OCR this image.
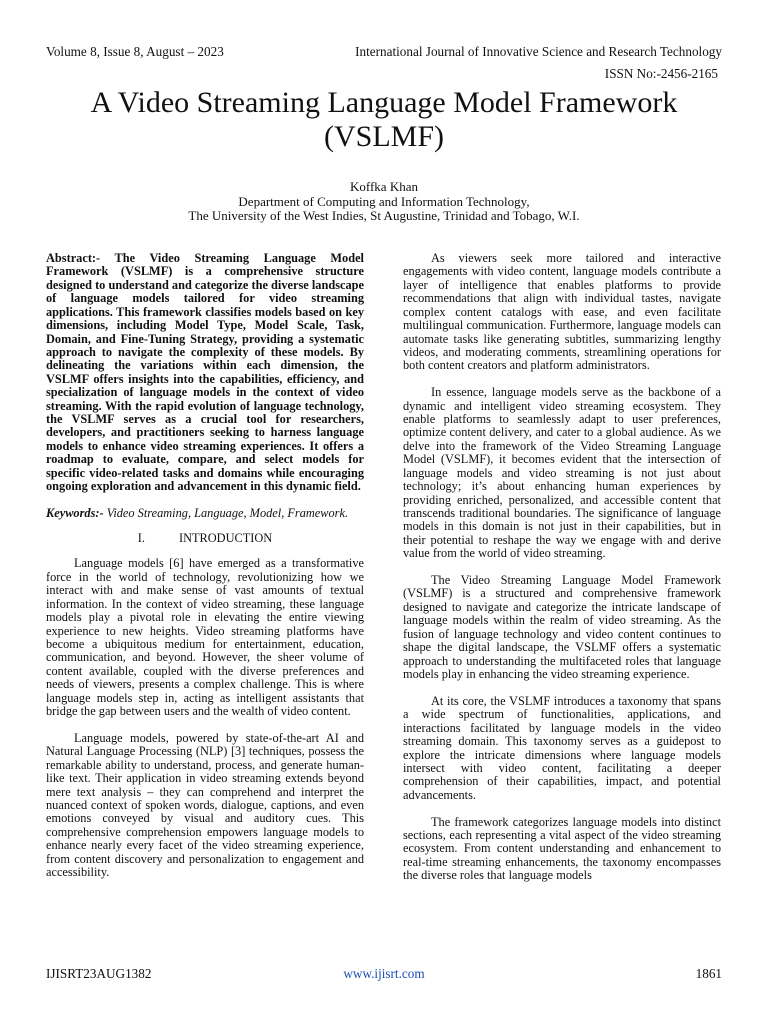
Volume 8, Issue 8, August – 2023	International Journal of Innovative Science and Research Technology
ISSN No:-2456-2165
A Video Streaming Language Model Framework (VSLMF)
Koffka Khan
Department of Computing and Information Technology,
The University of the West Indies, St Augustine, Trinidad and Tobago, W.I.

Abstract:- The Video Streaming Language Model Framework (VSLMF) is a comprehensive structure designed to understand and categorize the diverse landscape of language models tailored for video streaming applications. This framework classifies models based on key dimensions, including Model Type, Model Scale, Task, Domain, and Fine-Tuning Strategy, providing a systematic approach to navigate the complexity of these models. By delineating the variations within each dimension, the VSLMF offers insights into the capabilities, efficiency, and specialization of language models in the context of video streaming. With the rapid evolution of language technology, the VSLMF serves as a crucial tool for researchers, developers, and practitioners seeking to harness language models to enhance video streaming experiences. It offers a roadmap to evaluate, compare, and select models for specific video-related tasks and domains while encouraging ongoing exploration and advancement in this dynamic field.

Keywords:- Video Streaming, Language, Model, Framework.

I.	INTRODUCTION

Language models [6] have emerged as a transformative force in the world of technology, revolutionizing how we interact with and make sense of vast amounts of textual information. In the context of video streaming, these language models play a pivotal role in elevating the entire viewing experience to new heights. Video streaming platforms have become a ubiquitous medium for entertainment, education, communication, and beyond. However, the sheer volume of content available, coupled with the diverse preferences and needs of viewers, presents a complex challenge. This is where language models step in, acting as intelligent assistants that bridge the gap between users and the wealth of video content.

Language models, powered by state-of-the-art AI and Natural Language Processing (NLP) [3] techniques, possess the remarkable ability to understand, process, and generate human-like text. Their application in video streaming extends beyond mere text analysis – they can comprehend and interpret the nuanced context of spoken words, dialogue, captions, and even emotions conveyed by visual and auditory cues. This comprehensive comprehension empowers language models to enhance nearly every facet of the video streaming experience, from content discovery and personalization to engagement and accessibility.

As viewers seek more tailored and interactive engagements with video content, language models contribute a layer of intelligence that enables platforms to provide recommendations that align with individual tastes, navigate complex content catalogs with ease, and even facilitate multilingual communication. Furthermore, language models can automate tasks like generating subtitles, summarizing lengthy videos, and moderating comments, streamlining operations for both content creators and platform administrators.

In essence, language models serve as the backbone of a dynamic and intelligent video streaming ecosystem. They enable platforms to seamlessly adapt to user preferences, optimize content delivery, and cater to a global audience. As we delve into the framework of the Video Streaming Language Model (VSLMF), it becomes evident that the intersection of language models and video streaming is not just about technology; it’s about enhancing human experiences by providing enriched, personalized, and accessible content that transcends traditional boundaries. The significance of language models in this domain is not just in their capabilities, but in their potential to reshape the way we engage with and derive value from the world of video streaming.

The Video Streaming Language Model Framework (VSLMF) is a structured and comprehensive framework designed to navigate and categorize the intricate landscape of language models within the realm of video streaming. As the fusion of language technology and video content continues to shape the digital landscape, the VSLMF offers a systematic approach to understanding the multifaceted roles that language models play in enhancing the video streaming experience.

At its core, the VSLMF introduces a taxonomy that spans a wide spectrum of functionalities, applications, and interactions facilitated by language models in the video streaming domain. This taxonomy serves as a guidepost to explore the intricate dimensions where language models intersect with video content, facilitating a deeper comprehension of their capabilities, impact, and potential advancements.

The framework categorizes language models into distinct sections, each representing a vital aspect of the video streaming ecosystem. From content understanding and enhancement to real-time streaming enhancements, the taxonomy encompasses the diverse roles that language models

IJISRT23AUG1382	www.ijisrt.com	1861
